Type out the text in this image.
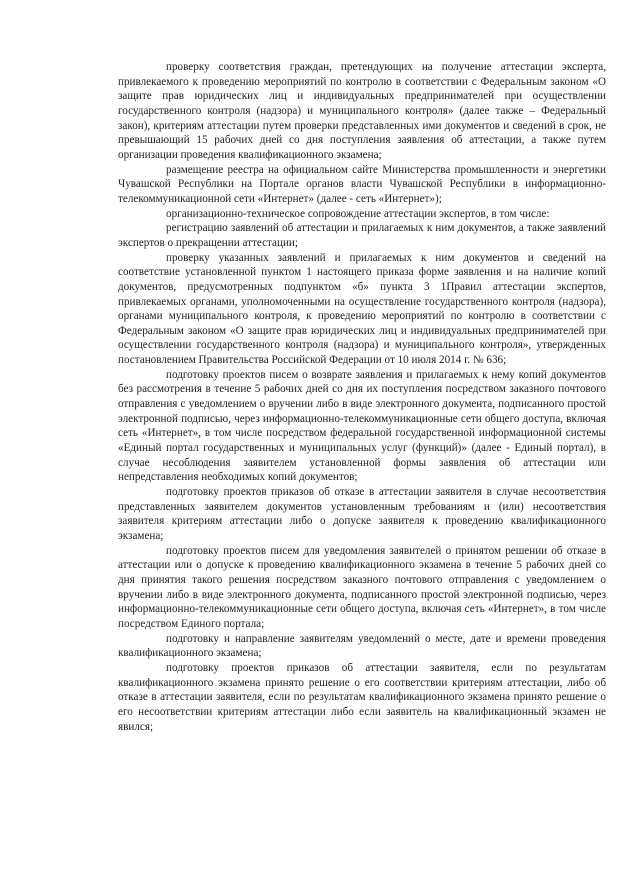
проверку соответствия граждан, претендующих на получение аттестации эксперта, привлекаемого к проведению мероприятий по контролю в соответствии с Федеральным законом «О защите прав юридических лиц и индивидуальных предпринимателей при осуществлении государственного контроля (надзора) и муниципального контроля» (далее также – Федеральный закон), критериям аттестации путем проверки представленных ими документов и сведений в срок, не превышающий 15 рабочих дней со дня поступления заявления об аттестации, а также путем организации проведения квалификационного экзамена;

размещение реестра на официальном сайте Министерства промышленности и энергетики Чувашской Республики на Портале органов власти Чувашской Республики в информационно-телекоммуникационной сети «Интернет» (далее - сеть «Интернет»);

организационно-техническое сопровождение аттестации экспертов, в том числе:

регистрацию заявлений об аттестации и прилагаемых к ним документов, а также заявлений экспертов о прекращении аттестации;

проверку указанных заявлений и прилагаемых к ним документов и сведений на соответствие установленной пунктом 1 настоящего приказа форме заявления и на наличие копий документов, предусмотренных подпунктом «б» пункта 3 1Правил аттестации экспертов, привлекаемых органами, уполномоченными на осуществление государственного контроля (надзора), органами муниципального контроля, к проведению мероприятий по контролю в соответствии с Федеральным законом «О защите прав юридических лиц и индивидуальных предпринимателей при осуществлении государственного контроля (надзора) и муниципального контроля», утвержденных постановлением Правительства Российской Федерации от 10 июля 2014 г. № 636;

подготовку проектов писем о возврате заявления и прилагаемых к нему копий документов без рассмотрения в течение 5 рабочих дней со дня их поступления посредством заказного почтового отправления с уведомлением о вручении либо в виде электронного документа, подписанного простой электронной подписью, через информационно-телекоммуникационные сети общего доступа, включая сеть «Интернет», в том числе посредством федеральной государственной информационной системы «Единый портал государственных и муниципальных услуг (функций)» (далее - Единый портал), в случае несоблюдения заявителем установленной формы заявления об аттестации или непредставления необходимых копий документов;

подготовку проектов приказов об отказе в аттестации заявителя в случае несоответствия представленных заявителем документов установленным требованиям и (или) несоответствия заявителя критериям аттестации либо о допуске заявителя к проведению квалификационного экзамена;

подготовку проектов писем для уведомления заявителей о принятом решении об отказе в аттестации или о допуске к проведению квалификационного экзамена в течение 5 рабочих дней со дня принятия такого решения посредством заказного почтового отправления с уведомлением о вручении либо в виде электронного документа, подписанного простой электронной подписью, через информационно-телекоммуникационные сети общего доступа, включая сеть «Интернет», в том числе посредством Единого портала;

подготовку и направление заявителям уведомлений о месте, дате и времени проведения квалификационного экзамена;

подготовку проектов приказов об аттестации заявителя, если по результатам квалификационного экзамена принято решение о его соответствии критериям аттестации, либо об отказе в аттестации заявителя, если по результатам квалификационного экзамена принято решение о его несоответствии критериям аттестации либо если заявитель на квалификационный экзамен не явился;
